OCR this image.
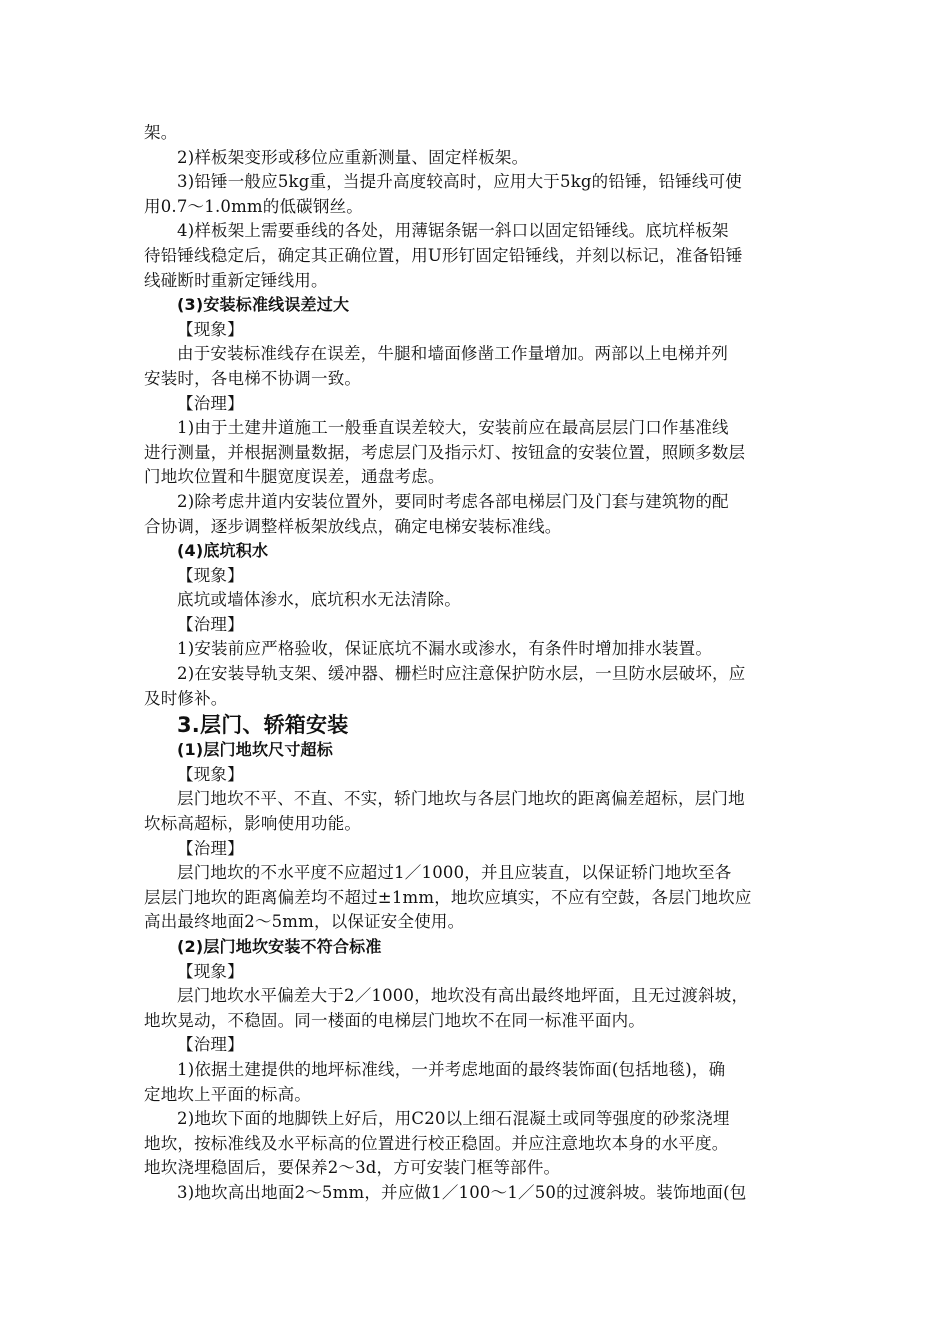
架。
2)样板架变形或移位应重新测量、固定样板架。
3)铅锤一般应5kg重，当提升高度较高时，应用大于5kg的铅锤，铅锤线可使
用0.7～1.0mm的低碳钢丝。
4)样板架上需要垂线的各处，用薄锯条锯一斜口以固定铅锤线。底坑样板架
待铅锤线稳定后，确定其正确位置，用U形钉固定铅锤线，并刻以标记，准备铅锤
线碰断时重新定锤线用。
(3)安装标准线误差过大
【现象】
由于安装标准线存在误差，牛腿和墙面修凿工作量增加。两部以上电梯并列
安装时，各电梯不协调一致。
【治理】
1)由于土建井道施工一般垂直误差较大，安装前应在最高层层门口作基准线
进行测量，并根据测量数据，考虑层门及指示灯、按钮盒的安装位置，照顾多数层
门地坎位置和牛腿宽度误差，通盘考虑。
2)除考虑井道内安装位置外，要同时考虑各部电梯层门及门套与建筑物的配
合协调，逐步调整样板架放线点，确定电梯安装标准线。
(4)底坑积水
【现象】
底坑或墙体渗水，底坑积水无法清除。
【治理】
1)安装前应严格验收，保证底坑不漏水或渗水，有条件时增加排水装置。
2)在安装导轨支架、缓冲器、栅栏时应注意保护防水层，一旦防水层破坏，应
及时修补。
3.层门、轿箱安装
(1)层门地坎尺寸超标
【现象】
层门地坎不平、不直、不实，轿门地坎与各层门地坎的距离偏差超标，层门地
坎标高超标，影响使用功能。
【治理】
层门地坎的不水平度不应超过1／1000，并且应装直，以保证轿门地坎至各
层层门地坎的距离偏差均不超过±1mm，地坎应填实，不应有空鼓，各层门地坎应
高出最终地面2～5mm，以保证安全使用。
(2)层门地坎安装不符合标准
【现象】
层门地坎水平偏差大于2／1000，地坎没有高出最终地坪面，且无过渡斜坡，
地坎晃动，不稳固。同一楼面的电梯层门地坎不在同一标准平面内。
【治理】
1)依据土建提供的地坪标准线，一并考虑地面的最终装饰面(包括地毯)，确
定地坎上平面的标高。
2)地坎下面的地脚铁上好后，用C20以上细石混凝土或同等强度的砂浆浇埋
地坎，按标准线及水平标高的位置进行校正稳固。并应注意地坎本身的水平度。
地坎浇埋稳固后，要保养2～3d，方可安装门框等部件。
3)地坎高出地面2～5mm，并应做1／100～1／50的过渡斜坡。装饰地面(包
